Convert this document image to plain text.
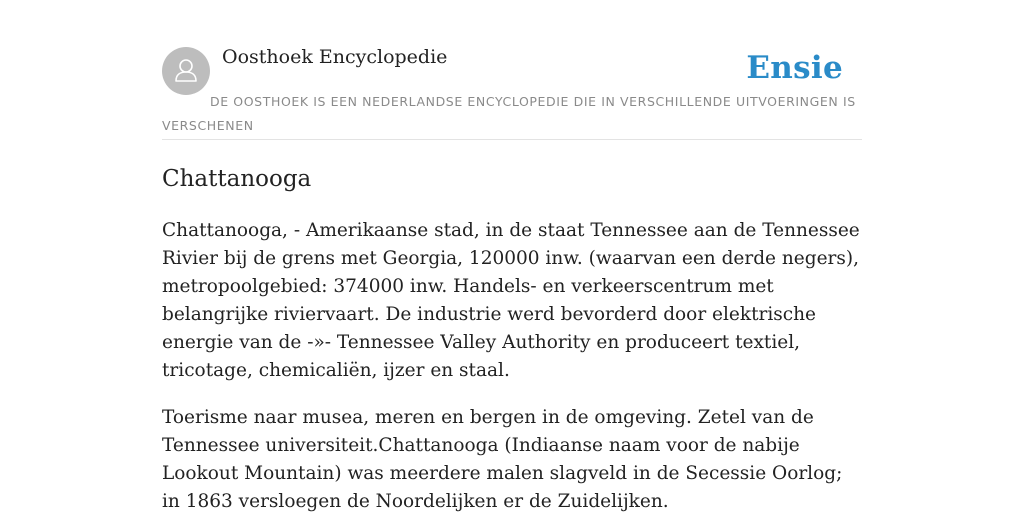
Oosthoek Encyclopedie	Ensie

DE OOSTHOEK IS EEN NEDERLANDSE ENCYCLOPEDIE DIE IN VERSCHILLENDE UITVOERINGEN IS VERSCHENEN

Chattanooga

Chattanooga, - Amerikaanse stad, in de staat Tennessee aan de Tennessee Rivier bij de grens met Georgia, 120000 inw. (waarvan een derde negers), metropoolgebied: 374000 inw. Handels- en verkeerscentrum met belangrijke riviervaart. De industrie werd bevorderd door elektrische energie van de -»- Tennessee Valley Authority en produceert textiel, tricotage, chemicaliën, ijzer en staal.

Toerisme naar musea, meren en bergen in de omgeving. Zetel van de Tennessee universiteit.Chattanooga (Indiaanse naam voor de nabije Lookout Mountain) was meerdere malen slagveld in de Secessie Oorlog; in 1863 versloegen de Noordelijken er de Zuidelijken.
